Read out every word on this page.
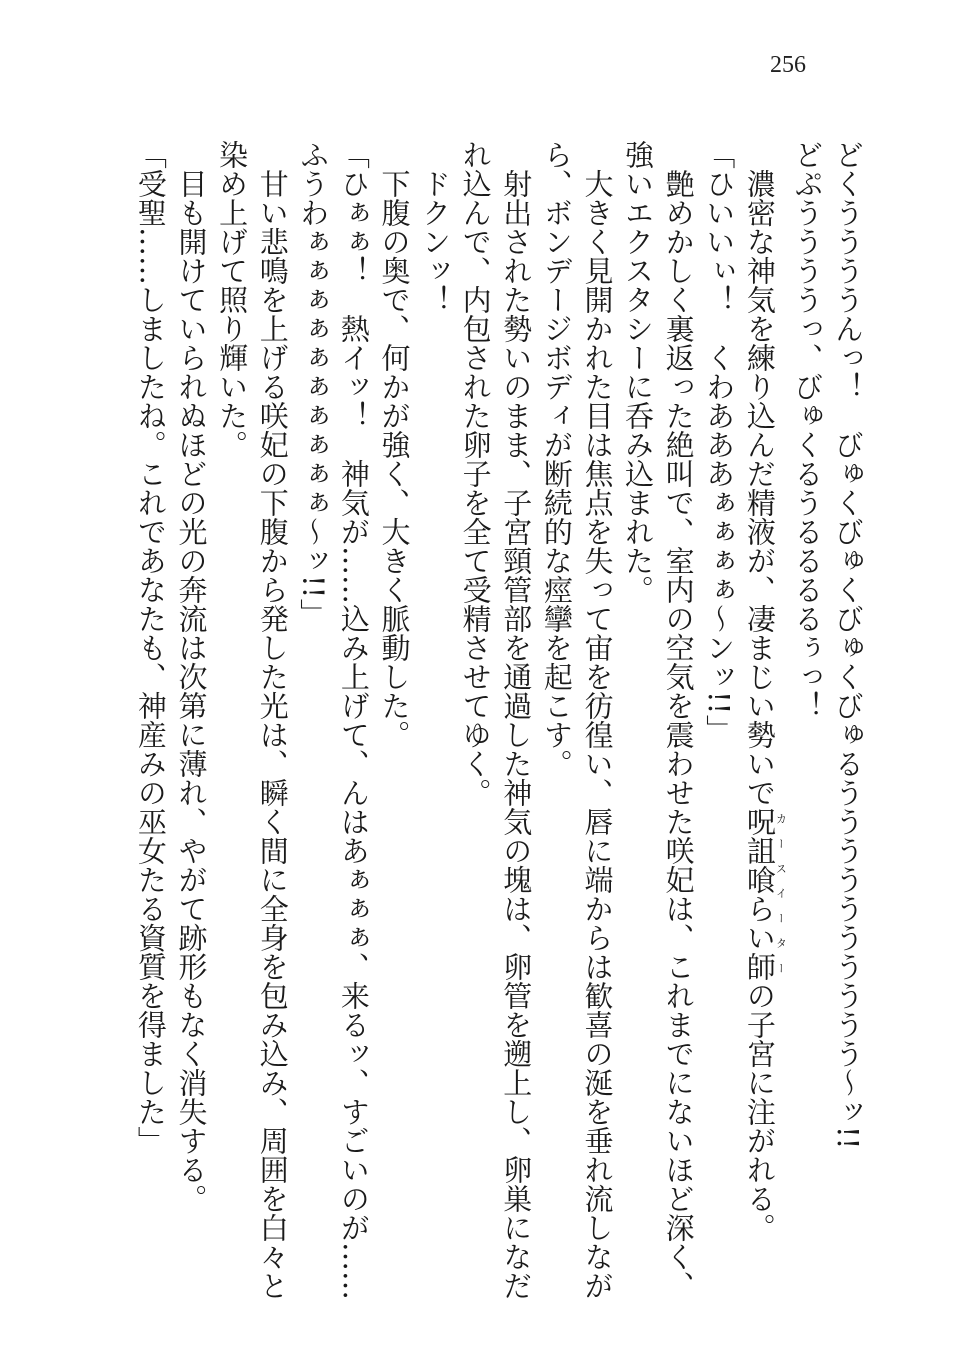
256
どくううううんっ！　びゅくびゅくびゅくびゅるうううううううううう〜ッ!!
どぷううううっ、びゅくるうるるるるぅっ！
　濃密な神気を練り込んだ精液が、凄まじい勢いで呪詛喰らい師カースイーターの子宮に注がれる。
「ひいいぃ！　くわあああぁぁぁぁ〜ンッ!!」
　艶めかしく裏返った絶叫で、室内の空気を震わせた咲妃は、これまでにないほど深く、
強いエクスタシーに呑み込まれた。
　大きく見開かれた目は焦点を失って宙を彷徨い、唇に端からは歓喜の涎を垂れ流しなが
ら、ボンデージボディが断続的な痙攣を起こす。
　射出された勢いのまま、子宮頸管部を通過した神気の塊は、卵管を遡上し、卵巣になだ
れ込んで、内包された卵子を全て受精させてゆく。
　ドクンッ！
　下腹の奥で、何かが強く、大きく脈動した。
「ひぁぁ！　熱イッ！　神気が……込み上げて、んはあぁぁぁ、来るッ、すごいのが……
ふうわぁぁぁぁぁぁぁぁぁぁ〜ッ!!」
　甘い悲鳴を上げる咲妃の下腹から発した光は、瞬く間に全身を包み込み、周囲を白々と
染め上げて照り輝いた。
　目も開けていられぬほどの光の奔流は次第に薄れ、やがて跡形もなく消失する。
「受聖……しましたね。これであなたも、神産みの巫女たる資質を得ました」
